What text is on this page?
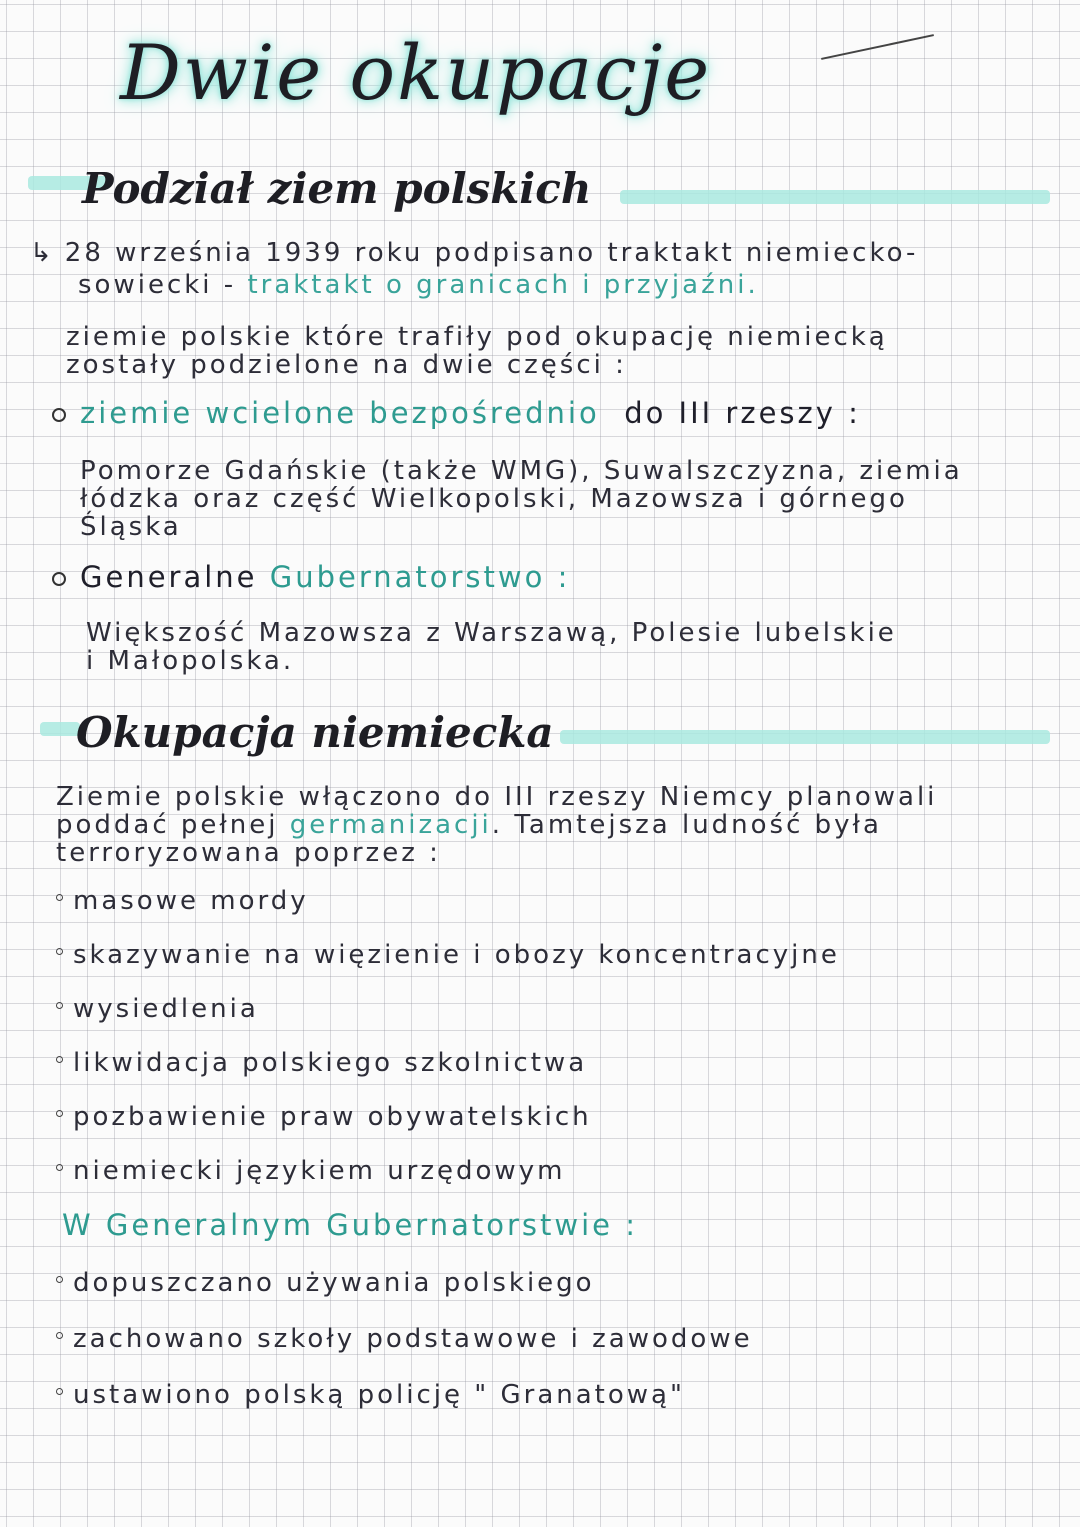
Dwie okupacje
Podział ziem polskich
↳ 28 września 1939 roku podpisano traktakt niemiecko-
sowiecki - traktakt o granicach i przyjaźni.
ziemie polskie które trafiły pod okupację niemiecką
zostały podzielone na dwie części :
ziemie wcielone bezpośrednio do III rzeszy :
Pomorze Gdańskie (także WMG), Suwalszczyzna, ziemia
łódzka oraz część Wielkopolski, Mazowsza i górnego
Śląska
Generalne Gubernatorstwo :
Większość Mazowsza z Warszawą, Polesie lubelskie
i Małopolska.
Okupacja niemiecka
Ziemie polskie włączono do III rzeszy Niemcy planowali
poddać pełnej germanizacji. Tamtejsza ludność była
terroryzowana poprzez :
masowe mordy
skazywanie na więzienie i obozy koncentracyjne
wysiedlenia
likwidacja polskiego szkolnictwa
pozbawienie praw obywatelskich
niemiecki językiem urzędowym
W Generalnym Gubernatorstwie :
dopuszczano używania polskiego
zachowano szkoły podstawowe i zawodowe
ustawiono polską policję " Granatową"
